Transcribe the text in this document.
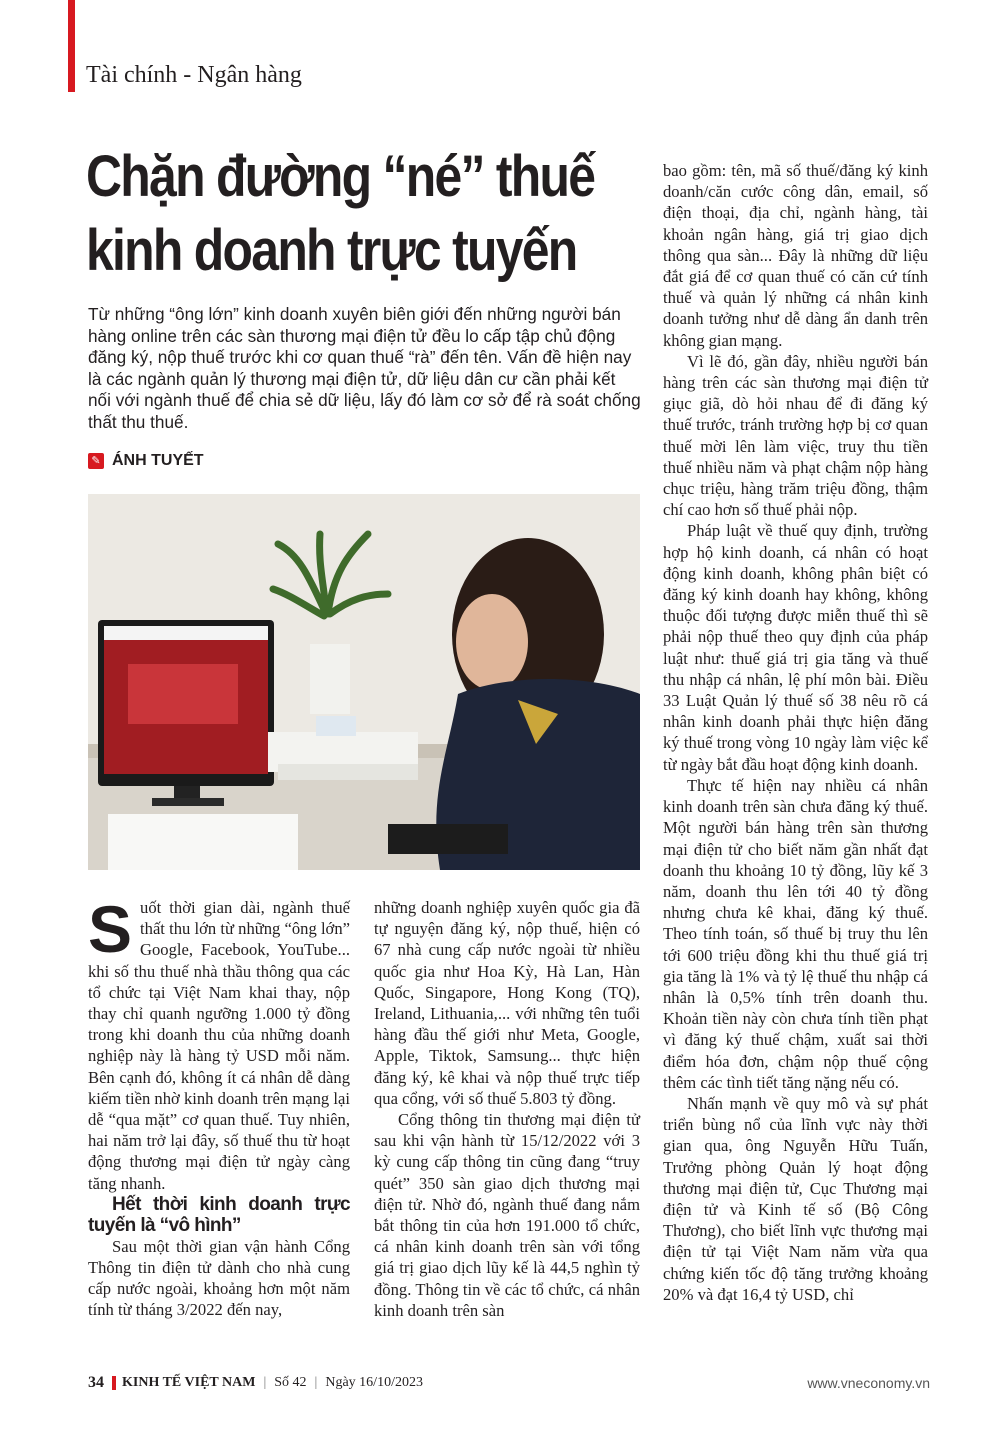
Tài chính - Ngân hàng
Chặn đường “né” thuế
kinh doanh trực tuyến

Từ những “ông lớn” kinh doanh xuyên biên giới đến những người bán hàng online trên các sàn thương mại điện tử đều lo cấp tập chủ động đăng ký, nộp thuế trước khi cơ quan thuế “rà” đến tên. Vấn đề hiện nay là các ngành quản lý thương mại điện tử, dữ liệu dân cư cần phải kết nối với ngành thuế để chia sẻ dữ liệu, lấy đó làm cơ sở để rà soát chống thất thu thuế.

✎ ÁNH TUYẾT

Suốt thời gian dài, ngành thuế thất thu lớn từ những “ông lớn” Google, Facebook, YouTube... khi số thu thuế nhà thầu thông qua các tổ chức tại Việt Nam khai thay, nộp thay chỉ quanh ngưỡng 1.000 tỷ đồng trong khi doanh thu của những doanh nghiệp này là hàng tỷ USD mỗi năm. Bên cạnh đó, không ít cá nhân dễ dàng kiếm tiền nhờ kinh doanh trên mạng lại dễ “qua mặt” cơ quan thuế. Tuy nhiên, hai năm trở lại đây, số thuế thu từ hoạt động thương mại điện tử ngày càng tăng nhanh.

Hết thời kinh doanh trực tuyến là “vô hình”

Sau một thời gian vận hành Cổng Thông tin điện tử dành cho nhà cung cấp nước ngoài, khoảng hơn một năm tính từ tháng 3/2022 đến nay,

những doanh nghiệp xuyên quốc gia đã tự nguyện đăng ký, nộp thuế, hiện có 67 nhà cung cấp nước ngoài từ nhiều quốc gia như Hoa Kỳ, Hà Lan, Hàn Quốc, Singapore, Hong Kong (TQ), Ireland, Lithuania,... với những tên tuổi hàng đầu thế giới như Meta, Google, Apple, Tiktok, Samsung... thực hiện đăng ký, kê khai và nộp thuế trực tiếp qua cổng, với số thuế 5.803 tỷ đồng.

Cổng thông tin thương mại điện tử sau khi vận hành từ 15/12/2022 với 3 kỳ cung cấp thông tin cũng đang “truy quét” 350 sàn giao dịch thương mại điện tử. Nhờ đó, ngành thuế đang nắm bắt thông tin của hơn 191.000 tổ chức, cá nhân kinh doanh trên sàn với tổng giá trị giao dịch lũy kế là 44,5 nghìn tỷ đồng. Thông tin về các tổ chức, cá nhân kinh doanh trên sàn

bao gồm: tên, mã số thuế/đăng ký kinh doanh/căn cước công dân, email, số điện thoại, địa chỉ, ngành hàng, tài khoản ngân hàng, giá trị giao dịch thông qua sàn... Đây là những dữ liệu đắt giá để cơ quan thuế có căn cứ tính thuế và quản lý những cá nhân kinh doanh tưởng như dễ dàng ẩn danh trên không gian mạng.

Vì lẽ đó, gần đây, nhiều người bán hàng trên các sàn thương mại điện tử giục giã, dò hỏi nhau để đi đăng ký thuế trước, tránh trường hợp bị cơ quan thuế mời lên làm việc, truy thu tiền thuế nhiều năm và phạt chậm nộp hàng chục triệu, hàng trăm triệu đồng, thậm chí cao hơn số thuế phải nộp.

Pháp luật về thuế quy định, trường hợp hộ kinh doanh, cá nhân có hoạt động kinh doanh, không phân biệt có đăng ký kinh doanh hay không, không thuộc đối tượng được miễn thuế thì sẽ phải nộp thuế theo quy định của pháp luật như: thuế giá trị gia tăng và thuế thu nhập cá nhân, lệ phí môn bài. Điều 33 Luật Quản lý thuế số 38 nêu rõ cá nhân kinh doanh phải thực hiện đăng ký thuế trong vòng 10 ngày làm việc kể từ ngày bắt đầu hoạt động kinh doanh.

Thực tế hiện nay nhiều cá nhân kinh doanh trên sàn chưa đăng ký thuế. Một người bán hàng trên sàn thương mại điện tử cho biết năm gần nhất đạt doanh thu khoảng 10 tỷ đồng, lũy kế 3 năm, doanh thu lên tới 40 tỷ đồng nhưng chưa kê khai, đăng ký thuế. Theo tính toán, số thuế bị truy thu lên tới 600 triệu đồng khi thu thuế giá trị gia tăng là 1% và tỷ lệ thuế thu nhập cá nhân là 0,5% tính trên doanh thu. Khoản tiền này còn chưa tính tiền phạt vì đăng ký thuế chậm, xuất sai thời điểm hóa đơn, chậm nộp thuế cộng thêm các tình tiết tăng nặng nếu có.

Nhấn mạnh về quy mô và sự phát triển bùng nổ của lĩnh vực này thời gian qua, ông Nguyễn Hữu Tuấn, Trưởng phòng Quản lý hoạt động thương mại điện tử, Cục Thương mại điện tử và Kinh tế số (Bộ Công Thương), cho biết lĩnh vực thương mại điện tử tại Việt Nam năm vừa qua chứng kiến tốc độ tăng trưởng khoảng 20% và đạt 16,4 tỷ USD, chỉ

34 KINH TẾ VIỆT NAM | Số 42 | Ngày 16/10/2023	www.vneconomy.vn
